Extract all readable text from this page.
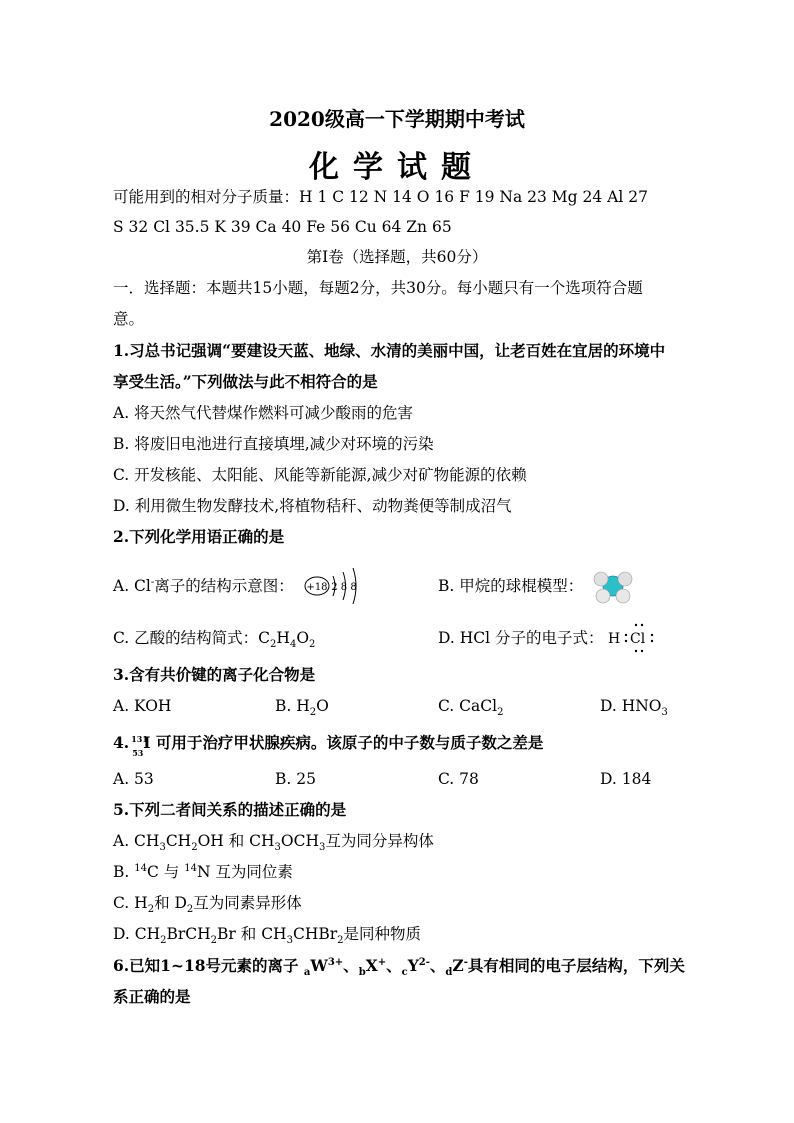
2020级高一下学期期中考试
化学试题
可能用到的相对分子质量：H 1 C 12 N 14 O 16 F 19 Na 23 Mg 24 Al 27
S 32 Cl 35.5 K 39 Ca 40 Fe 56 Cu 64 Zn 65
第I卷（选择题，共60分）
一．选择题：本题共15小题，每题2分，共30分。每小题只有一个选项符合题
意。
1.习总书记强调“要建设天蓝、地绿、水清的美丽中国，让老百姓在宜居的环境中
享受生活。”下列做法与此不相符合的是
A. 将天然气代替煤作燃料可减少酸雨的危害
B. 将废旧电池进行直接填埋,减少对环境的污染
C. 开发核能、太阳能、风能等新能源,减少对矿物能源的依赖
D. 利用微生物发酵技术,将植物秸秆、动物粪便等制成沼气
2.下列化学用语正确的是
A. Cl-离子的结构示意图： +18 2 8 8	B. 甲烷的球棍模型：
C. 乙酸的结构简式：$C_2H_4O_2$	D. HCl 分子的电子式： H Cl
3.含有共价键的离子化合物是
A. KOH	B. $H_2O$	C. CaCl$_2$	D. $HNO_3$
4. 131
53
I 可用于治疗甲状腺疾病。该原子的中子数与质子数之差是
A. 53	B. 25	C. 78	D. 184
5.下列二者间关系的描述正确的是
A. $CH_3CH_2OH$ 和 $CH_3OCH_3$互为同分异构体
B. $^{14}$C 与 $^{14}$N 互为同位素
C. $H_2$和 $D_2$互为同素异形体
D. $CH_2BrCH_2Br$ 和 $CH_3CHBr_2$是同种物质
6.已知1~18号元素的离子 $_aW^{3+}$、$_b$X+、$_cY^{2-}$、$_d$Z-具有相同的电子层结构，下列关
系正确的是
